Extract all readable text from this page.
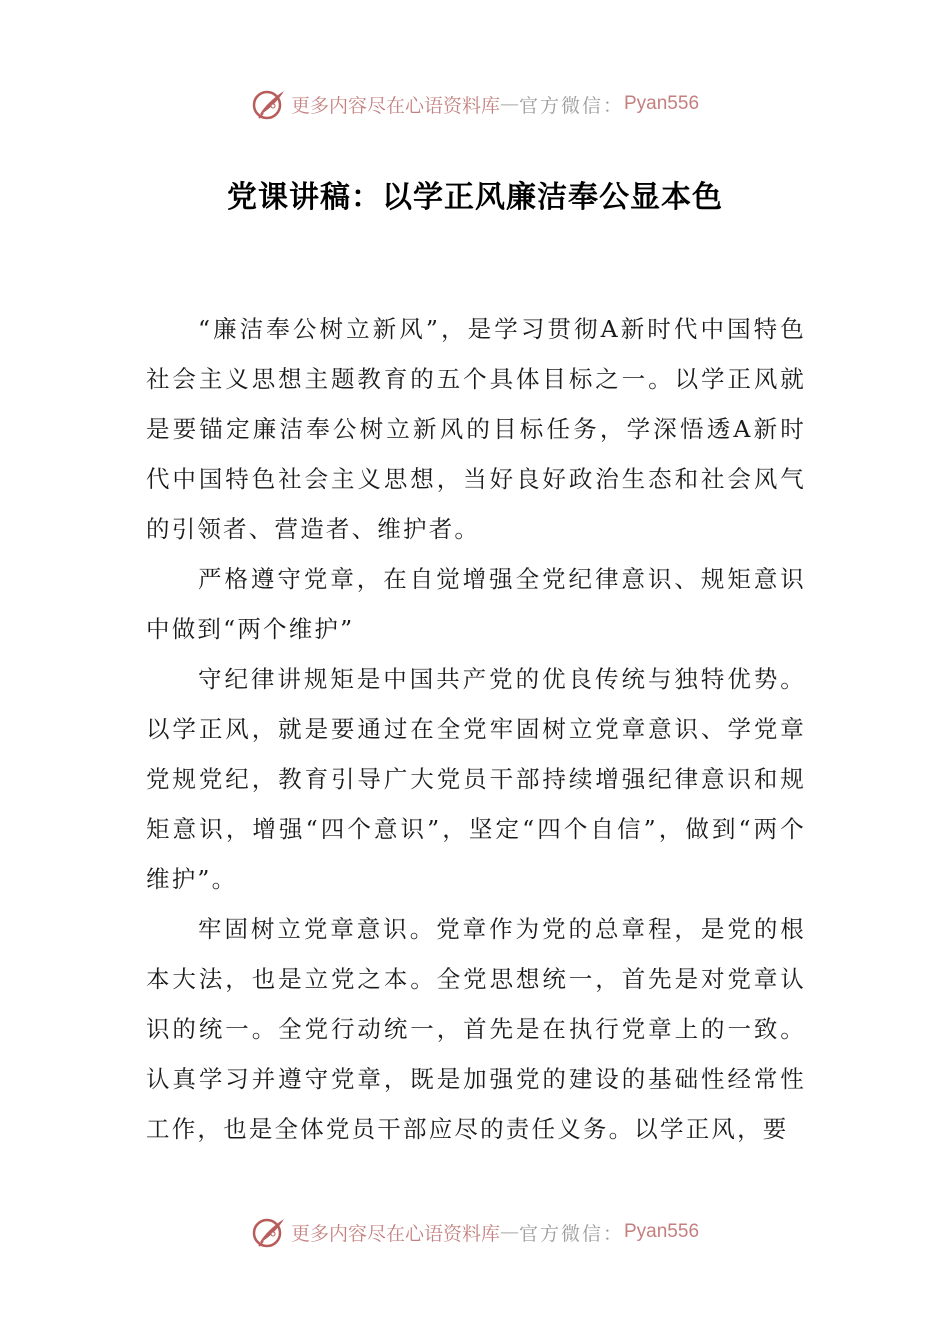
更多内容尽在心语资料库 — 官方微信： Pyan556
党课讲稿：以学正风廉洁奉公显本色

“廉洁奉公树立新风”，是学习贯彻A新时代中国特色社会主义思想主题教育的五个具体目标之一。以学正风就是要锚定廉洁奉公树立新风的目标任务，学深悟透A新时代中国特色社会主义思想，当好良好政治生态和社会风气的引领者、营造者、维护者。

严格遵守党章，在自觉增强全党纪律意识、规矩意识中做到“两个维护”

守纪律讲规矩是中国共产党的优良传统与独特优势。以学正风，就是要通过在全党牢固树立党章意识、学党章党规党纪，教育引导广大党员干部持续增强纪律意识和规矩意识，增强“四个意识”，坚定“四个自信”，做到“两个维护”。

牢固树立党章意识。党章作为党的总章程，是党的根本大法，也是立党之本。全党思想统一，首先是对党章认识的统一。全党行动统一，首先是在执行党章上的一致。认真学习并遵守党章，既是加强党的建设的基础性经常性工作，也是全体党员干部应尽的责任义务。以学正风，要

更多内容尽在心语资料库 — 官方微信： Pyan556
